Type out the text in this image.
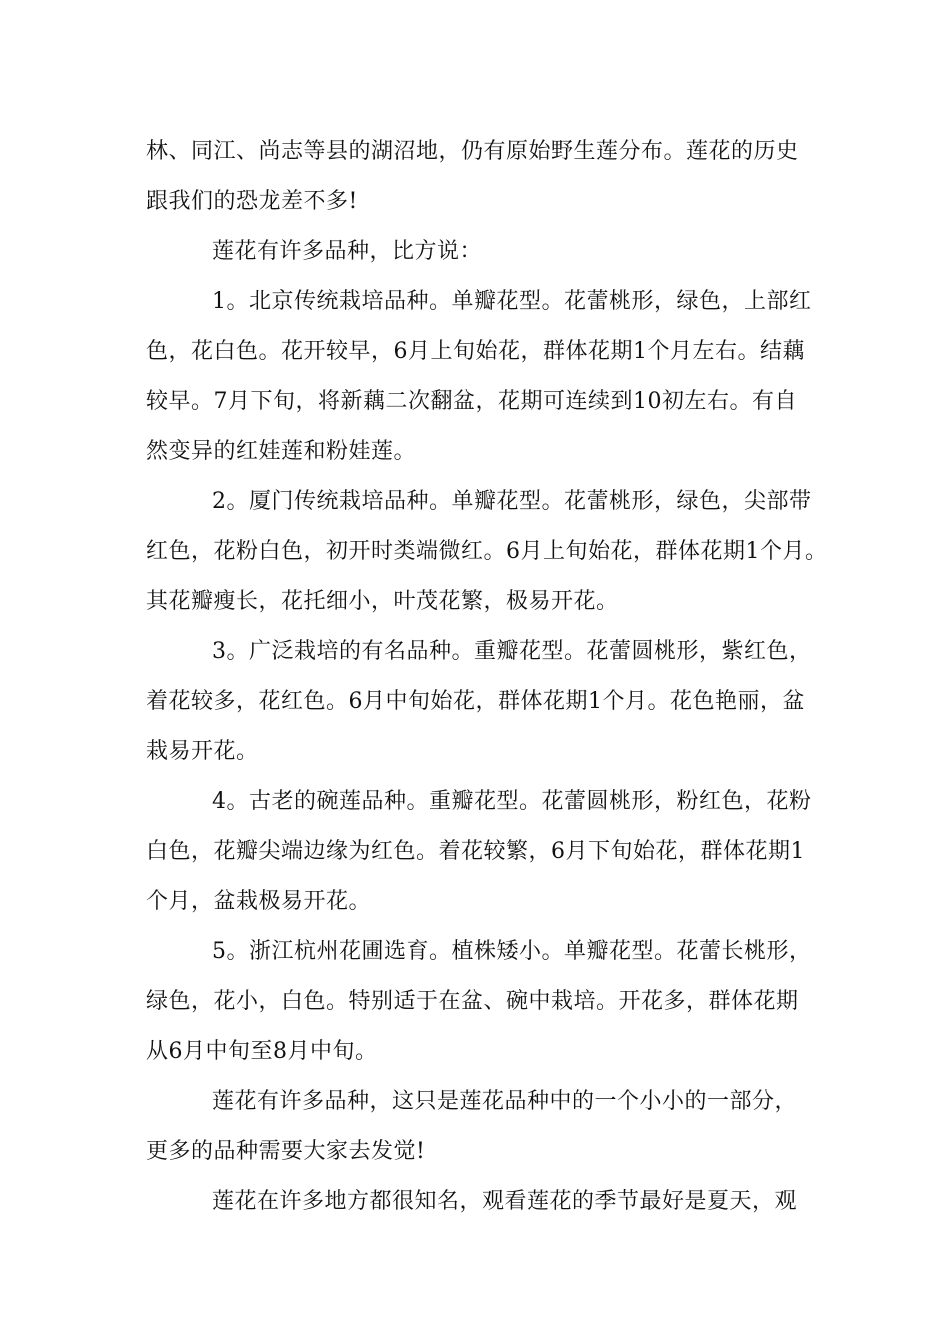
林、同江、尚志等县的湖沼地，仍有原始野生莲分布。莲花的历史
跟我们的恐龙差不多!
莲花有许多品种，比方说：
1。北京传统栽培品种。单瓣花型。花蕾桃形，绿色，上部红
色，花白色。花开较早，6月上旬始花，群体花期1个月左右。结藕
较早。7月下旬，将新藕二次翻盆，花期可连续到10初左右。有自
然变异的红娃莲和粉娃莲。
2。厦门传统栽培品种。单瓣花型。花蕾桃形，绿色，尖部带
红色，花粉白色，初开时类端微红。6月上旬始花，群体花期1个月。
其花瓣瘦长，花托细小，叶茂花繁，极易开花。
3。广泛栽培的有名品种。重瓣花型。花蕾圆桃形，紫红色，
着花较多，花红色。6月中旬始花，群体花期1个月。花色艳丽，盆
栽易开花。
4。古老的碗莲品种。重瓣花型。花蕾圆桃形，粉红色，花粉
白色，花瓣尖端边缘为红色。着花较繁，6月下旬始花，群体花期1
个月，盆栽极易开花。
5。浙江杭州花圃选育。植株矮小。单瓣花型。花蕾长桃形，
绿色，花小，白色。特别适于在盆、碗中栽培。开花多，群体花期
从6月中旬至8月中旬。
莲花有许多品种，这只是莲花品种中的一个小小的一部分，
更多的品种需要大家去发觉!
莲花在许多地方都很知名，观看莲花的季节最好是夏天，观
